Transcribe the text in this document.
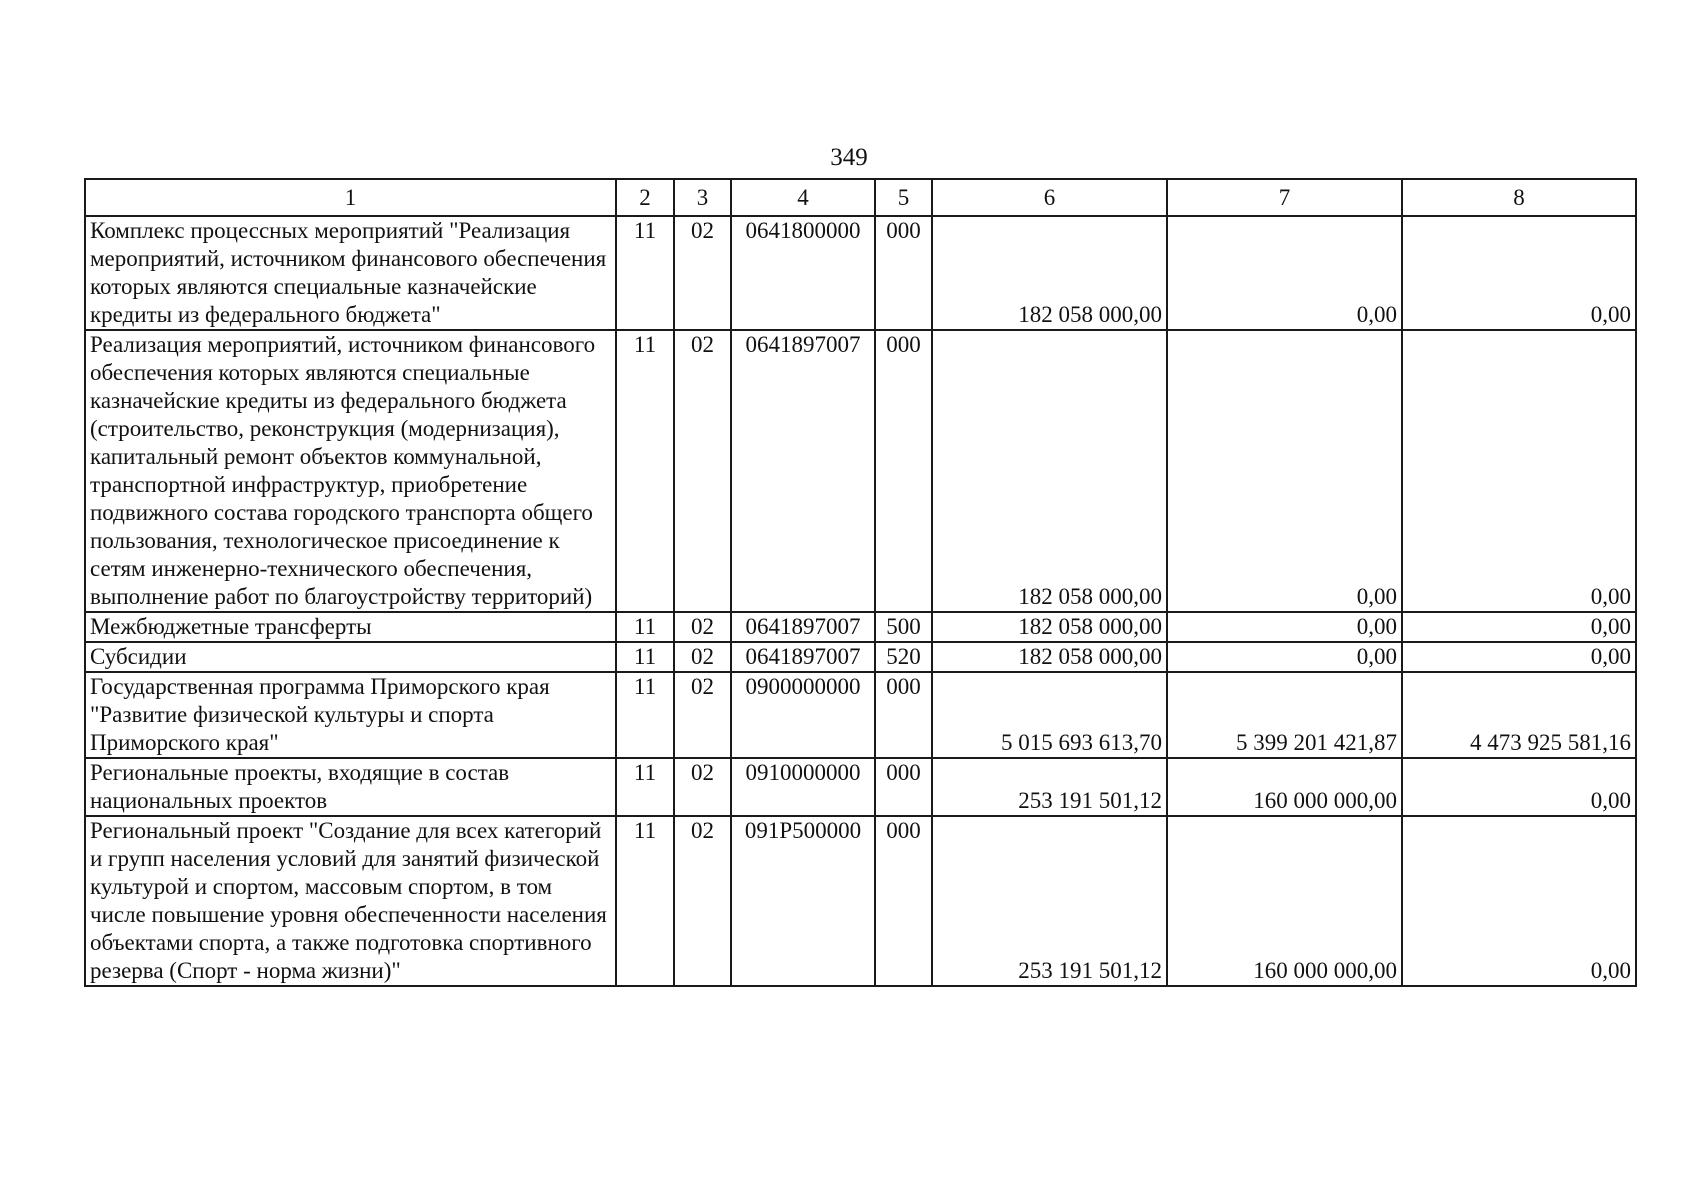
349
1	2	3	4	5	6	7	8
Комплекс процессных мероприятий "Реализация мероприятий, источником финансового обеспечения которых являются специальные казначейские кредиты из федерального бюджета"	11	02	0641800000	000	182 058 000,00	0,00	0,00
Реализация мероприятий, источником финансового обеспечения которых являются специальные казначейские кредиты из федерального бюджета (строительство, реконструкция (модернизация), капитальный ремонт объектов коммунальной, транспортной инфраструктур, приобретение подвижного состава городского транспорта общего пользования, технологическое присоединение к сетям инженерно-технического обеспечения, выполнение работ по благоустройству территорий)	11	02	0641897007	000	182 058 000,00	0,00	0,00
Межбюджетные трансферты	11	02	0641897007	500	182 058 000,00	0,00	0,00
Субсидии	11	02	0641897007	520	182 058 000,00	0,00	0,00
Государственная программа Приморского края "Развитие физической культуры и спорта Приморского края"	11	02	0900000000	000	5 015 693 613,70	5 399 201 421,87	4 473 925 581,16
Региональные проекты, входящие в состав национальных проектов	11	02	0910000000	000	253 191 501,12	160 000 000,00	0,00
Региональный проект "Создание для всех категорий и групп населения условий для занятий физической культурой и спортом, массовым спортом, в том числе повышение уровня обеспеченности населения объектами спорта, а также подготовка спортивного резерва (Спорт - норма жизни)"	11	02	091P500000	000	253 191 501,12	160 000 000,00	0,00
